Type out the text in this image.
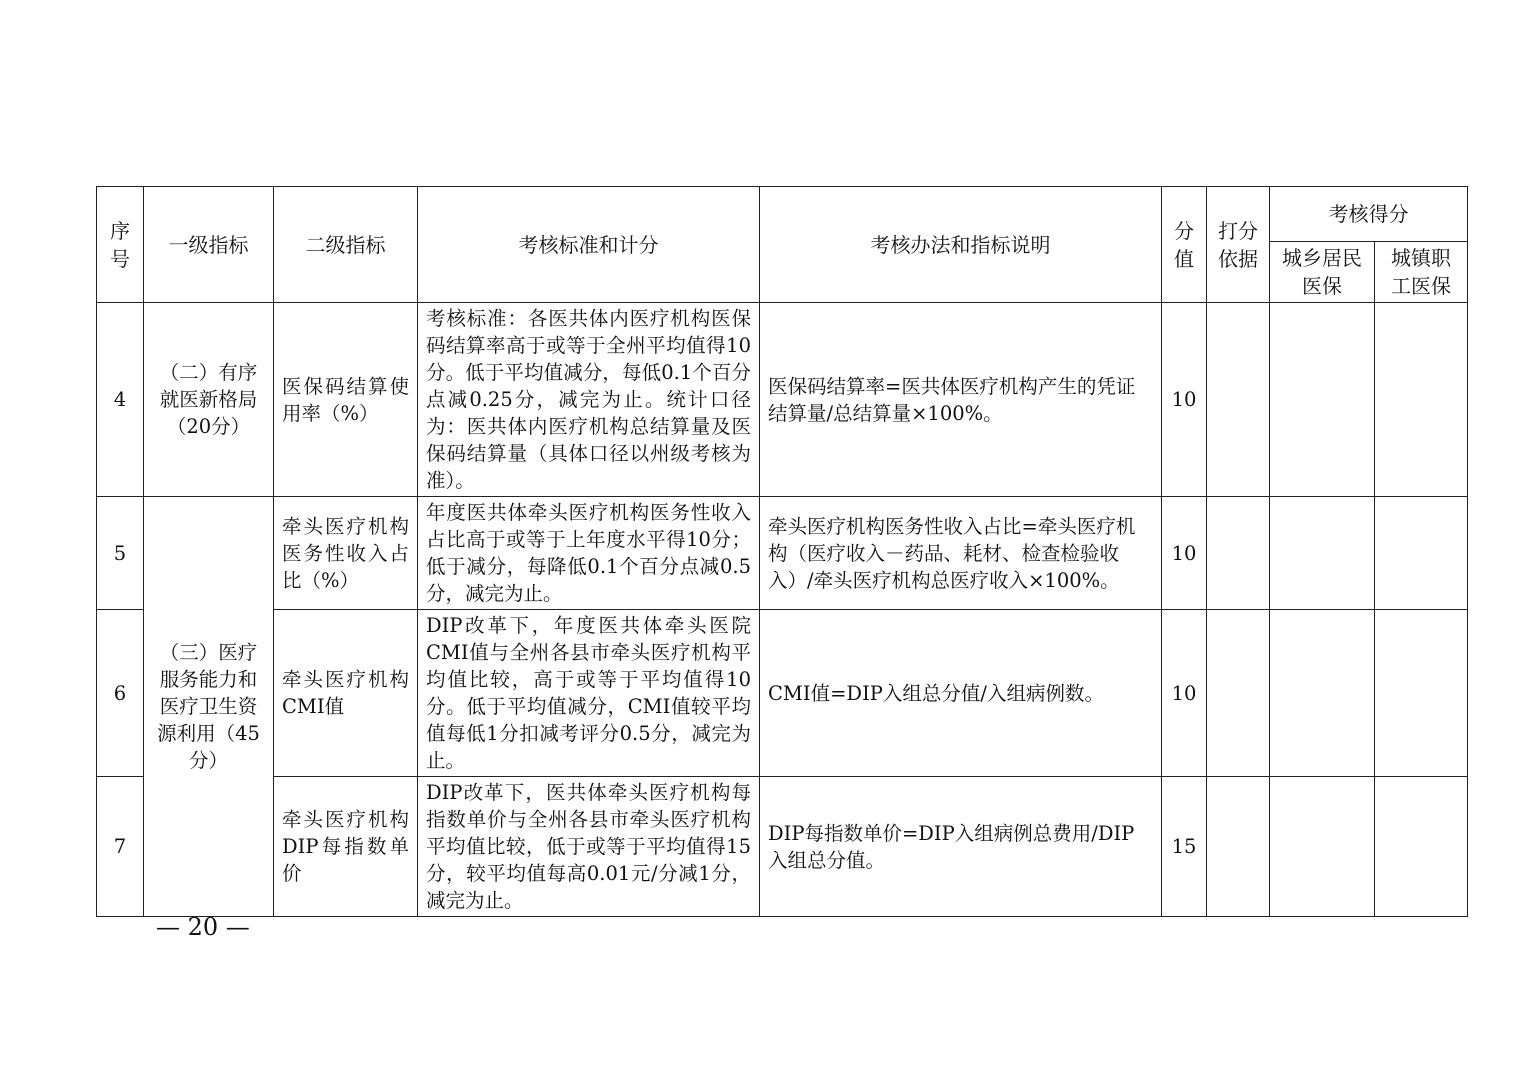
序号	一级指标	二级指标	考核标准和计分	考核办法和指标说明	分值	打分依据	考核得分	
							城乡居民医保	城镇职工医保
4	（二）有序就医新格局（20分）	医保码结算使用率（%）	考核标准：各医共体内医疗机构医保码结算率高于或等于全州平均值得10分。低于平均值减分，每低0.1个百分点减0.25分，减完为止。统计口径为：医共体内医疗机构总结算量及医保码结算量（具体口径以州级考核为准）。	医保码结算率=医共体医疗机构产生的凭证结算量/总结算量×100%。	10			
5	（三）医疗服务能力和医疗卫生资源利用（45分）	牵头医疗机构医务性收入占比（%）	年度医共体牵头医疗机构医务性收入占比高于或等于上年度水平得10分；低于减分，每降低0.1个百分点减0.5分，减完为止。	牵头医疗机构医务性收入占比=牵头医疗机构（医疗收入－药品、耗材、检查检验收入）/牵头医疗机构总医疗收入×100%。	10			
6		牵头医疗机构CMI值	DIP改革下，年度医共体牵头医院CMI值与全州各县市牵头医疗机构平均值比较，高于或等于平均值得10分。低于平均值减分，CMI值较平均值每低1分扣减考评分0.5分，减完为止。	CMI值=DIP入组总分值/入组病例数。	10			
7		牵头医疗机构DIP每指数单价	DIP改革下，医共体牵头医疗机构每指数单价与全州各县市牵头医疗机构平均值比较，低于或等于平均值得15分，较平均值每高0.01元/分减1分，减完为止。	DIP每指数单价=DIP入组病例总费用/DIP入组总分值。	15			
— 20 —
